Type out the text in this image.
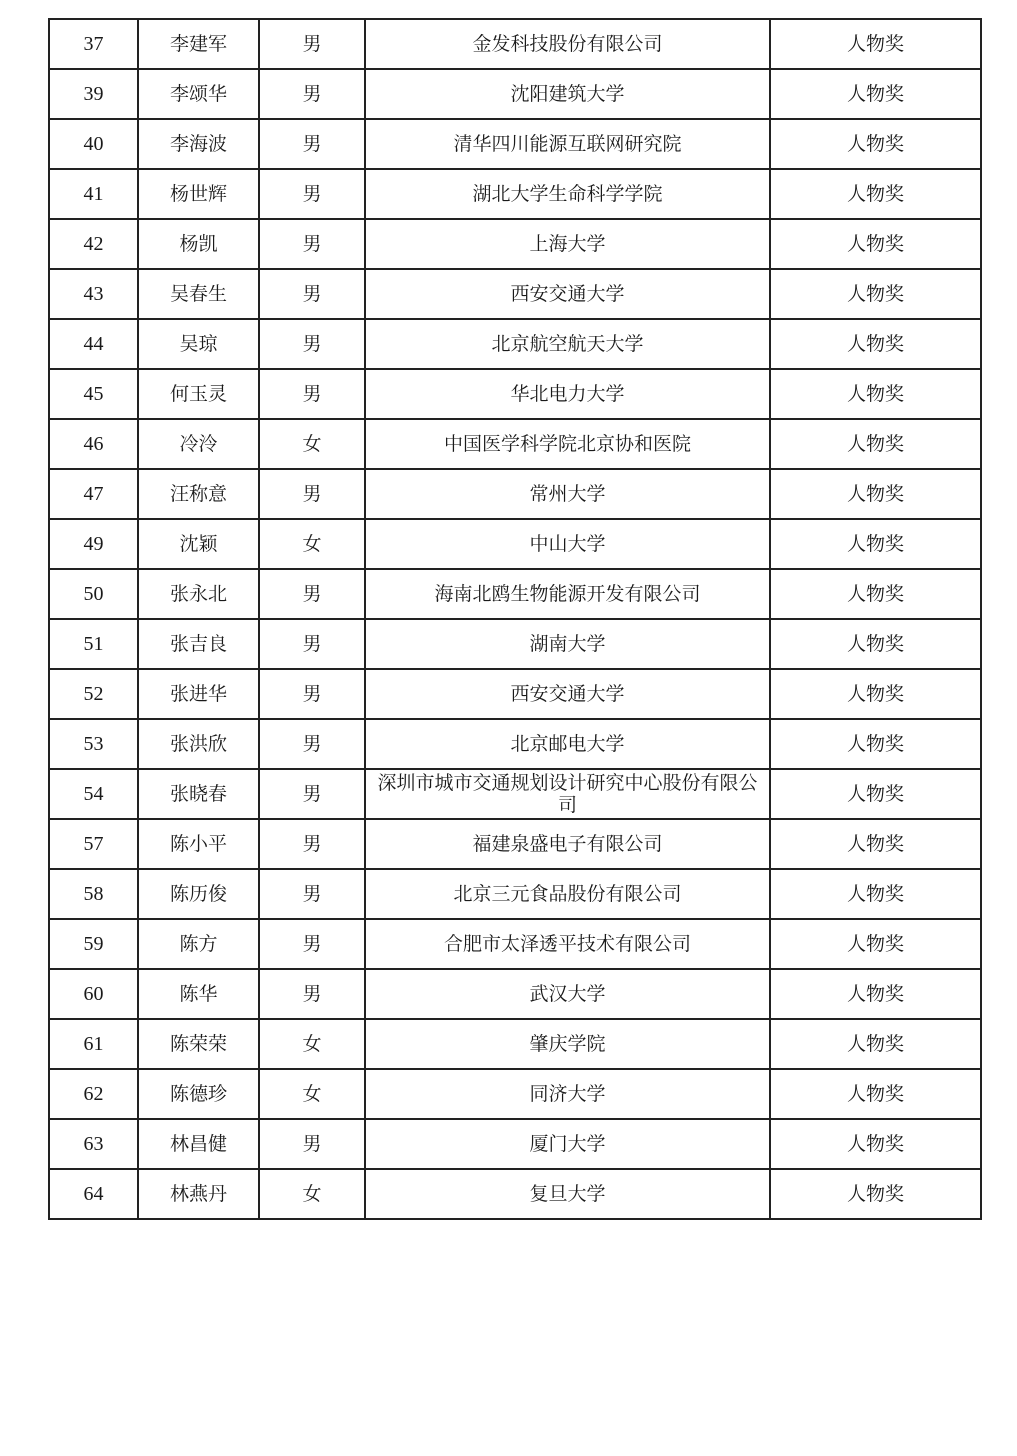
37	李建军	男	金发科技股份有限公司	人物奖
39	李颂华	男	沈阳建筑大学	人物奖
40	李海波	男	清华四川能源互联网研究院	人物奖
41	杨世辉	男	湖北大学生命科学学院	人物奖
42	杨凯	男	上海大学	人物奖
43	吴春生	男	西安交通大学	人物奖
44	吴琼	男	北京航空航天大学	人物奖
45	何玉灵	男	华北电力大学	人物奖
46	冷泠	女	中国医学科学院北京协和医院	人物奖
47	汪称意	男	常州大学	人物奖
49	沈颖	女	中山大学	人物奖
50	张永北	男	海南北鸥生物能源开发有限公司	人物奖
51	张吉良	男	湖南大学	人物奖
52	张进华	男	西安交通大学	人物奖
53	张洪欣	男	北京邮电大学	人物奖
54	张晓春	男	深圳市城市交通规划设计研究中心股份有限公司	人物奖
57	陈小平	男	福建泉盛电子有限公司	人物奖
58	陈历俊	男	北京三元食品股份有限公司	人物奖
59	陈方	男	合肥市太泽透平技术有限公司	人物奖
60	陈华	男	武汉大学	人物奖
61	陈荣荣	女	肇庆学院	人物奖
62	陈德珍	女	同济大学	人物奖
63	林昌健	男	厦门大学	人物奖
64	林燕丹	女	复旦大学	人物奖
